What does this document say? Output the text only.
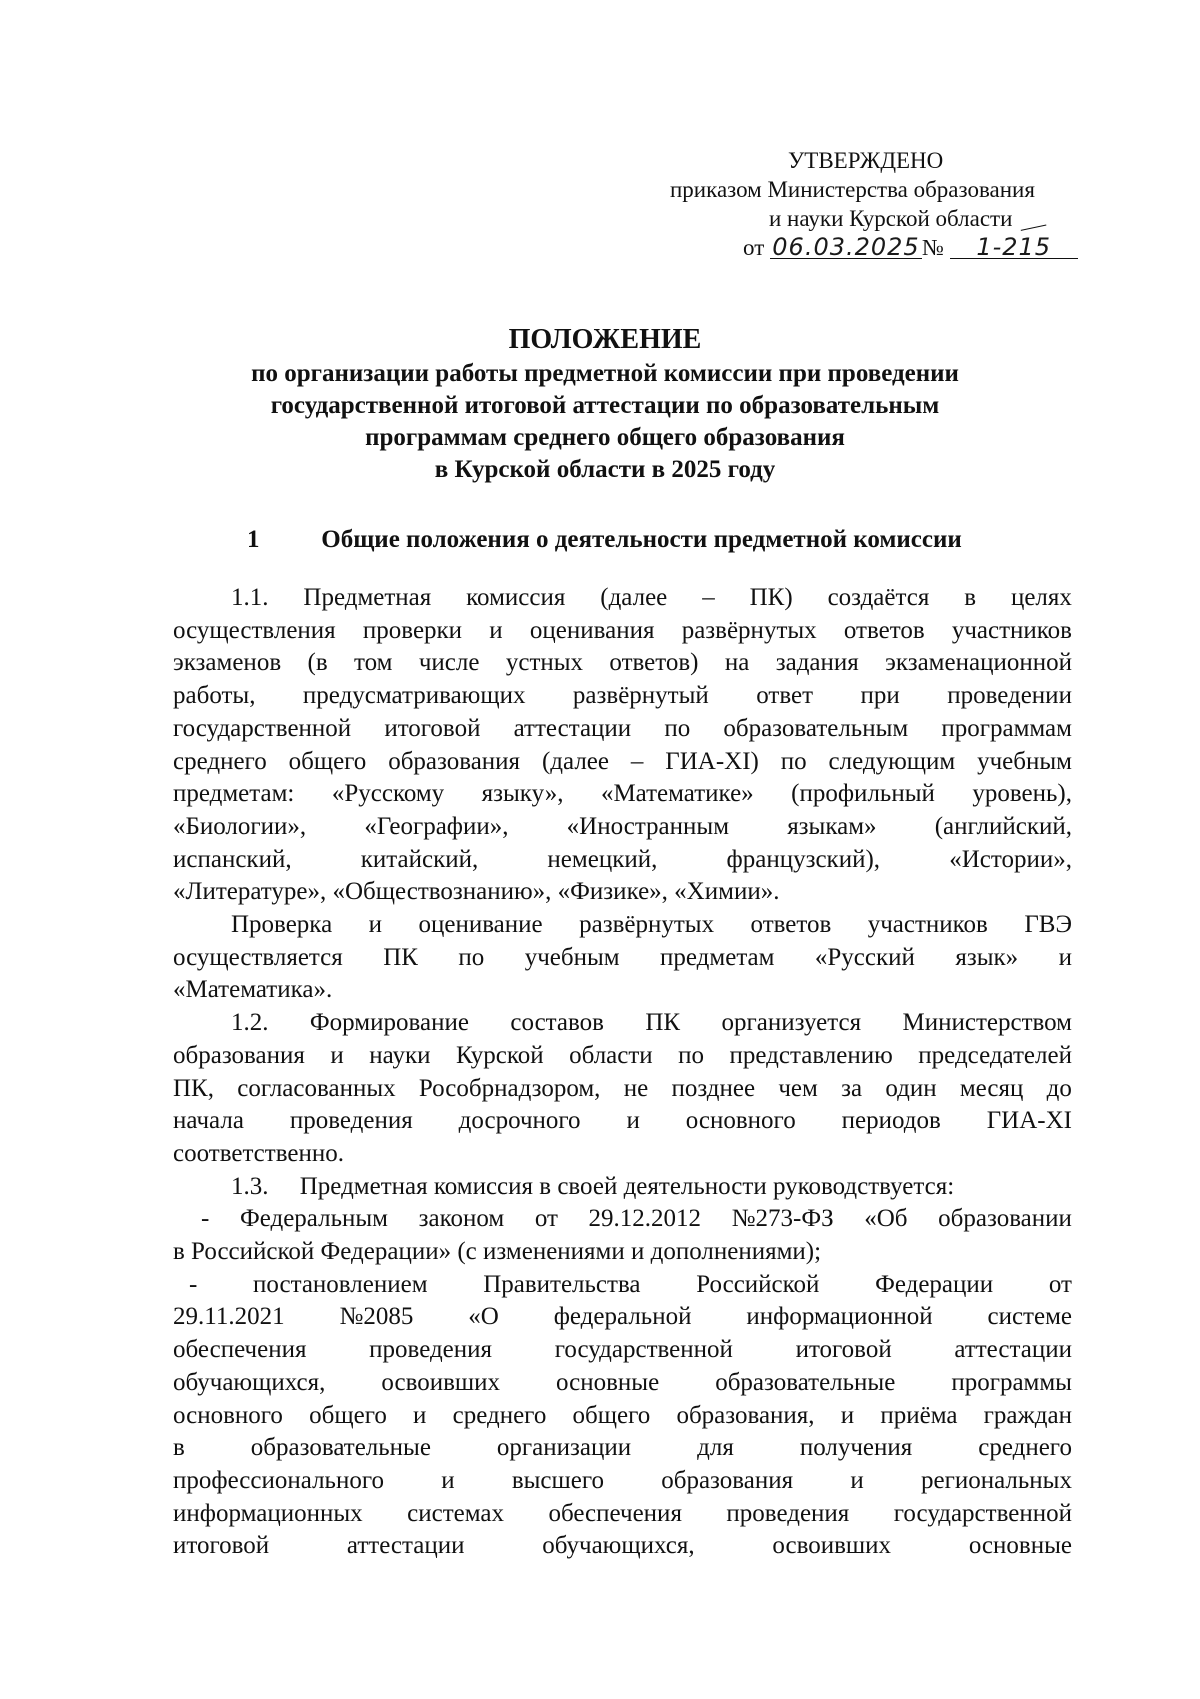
УТВЕРЖДЕНО
приказом Министерства образования
и науки Курской области
от 06.03.2025№ 1-215
ПОЛОЖЕНИЕ
по организации работы предметной комиссии при проведении
государственной итоговой аттестации по образовательным
программам среднего общего образования
в Курской области в 2025 году
1 Общие положения о деятельности предметной комиссии
1.1. Предметная комиссия (далее – ПК) создаётся в целях
осуществления проверки и оценивания развёрнутых ответов участников
экзаменов (в том числе устных ответов) на задания экзаменационной
работы, предусматривающих развёрнутый ответ при проведении
государственной итоговой аттестации по образовательным программам
среднего общего образования (далее – ГИА-XI) по следующим учебным
предметам: «Русскому языку», «Математике» (профильный уровень),
«Биологии», «Географии», «Иностранным языкам» (английский,
испанский,	китайский,	немецкий,	французский),	«Истории»,
«Литературе», «Обществознанию», «Физике», «Химии».
Проверка и оценивание развёрнутых ответов участников ГВЭ
осуществляется ПК по учебным предметам «Русский язык» и
«Математика».
1.2. Формирование составов ПК организуется Министерством
образования и науки Курской области по представлению председателей
ПК, согласованных Рособрнадзором, не позднее чем за один месяц до
начала проведения досрочного и основного периодов ГИА-XI
соответственно.
1.3.     Предметная комиссия в своей деятельности руководствуется:
- Федеральным законом от 29.12.2012 №273-ФЗ «Об образовании
в Российской Федерации» (с изменениями и дополнениями);
- постановлением Правительства Российской Федерации от
29.11.2021 №2085 «О федеральной информационной системе
обеспечения	проведения	государственной	итоговой	аттестации
обучающихся, освоивших основные образовательные программы
основного общего и среднего общего образования, и приёма граждан
в	образовательные	организации	для	получения	среднего
профессионального и высшего образования и региональных
информационных системах обеспечения проведения государственной
итоговой	аттестации	обучающихся,	освоивших	основные
